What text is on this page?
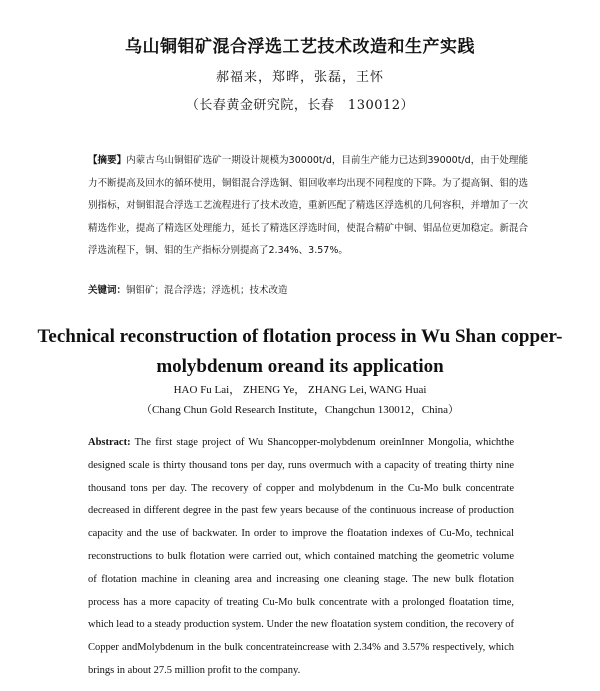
乌山铜钼矿混合浮选工艺技术改造和生产实践
郝福来，郑晔，张磊，王怀
（长春黄金研究院，长春　130012）
【摘要】内蒙古乌山铜钼矿选矿一期设计规模为30000t/d，目前生产能力已达到39000t/d，由于处理能力不断提高及回水的循环使用，铜钼混合浮选铜、钼回收率均出现不同程度的下降。为了提高铜、钼的选别指标，对铜钼混合浮选工艺流程进行了技术改造，重新匹配了精选区浮选机的几何容积，并增加了一次精选作业，提高了精选区处理能力，延长了精选区浮选时间，使混合精矿中铜、钼品位更加稳定。新混合浮选流程下，铜、钼的生产指标分别提高了2.34%、3.57%。
关键词：铜钼矿；混合浮选；浮选机；技术改造
Technical reconstruction of flotation process in Wu Shan copper-molybdenum oreand its application
HAO Fu Lai， ZHENG Ye， ZHANG Lei, WANG Huai
（Chang Chun Gold Research Institute，Changchun 130012，China）
Abstract: The first stage project of Wu Shancopper-molybdenum oreinInner Mongolia, whichthe designed scale is thirty thousand tons per day, runs overmuch with a capacity of treating thirty nine thousand tons per day. The recovery of copper and molybdenum in the Cu-Mo bulk concentrate decreased in different degree in the past few years because of the continuous increase of production capacity and the use of backwater. In order to improve the floatation indexes of Cu-Mo, technical reconstructions to bulk flotation were carried out, which contained matching the geometric volume of flotation machine in cleaning area and increasing one cleaning stage. The new bulk flotation process has a more capacity of treating Cu-Mo bulk concentrate with a prolonged floatation time, which lead to a steady production system. Under the new floatation system condition, the recovery of Copper andMolybdenum in the bulk concentrateincrease with 2.34% and 3.57% respectively, which brings in about 27.5 million profit to the company.
